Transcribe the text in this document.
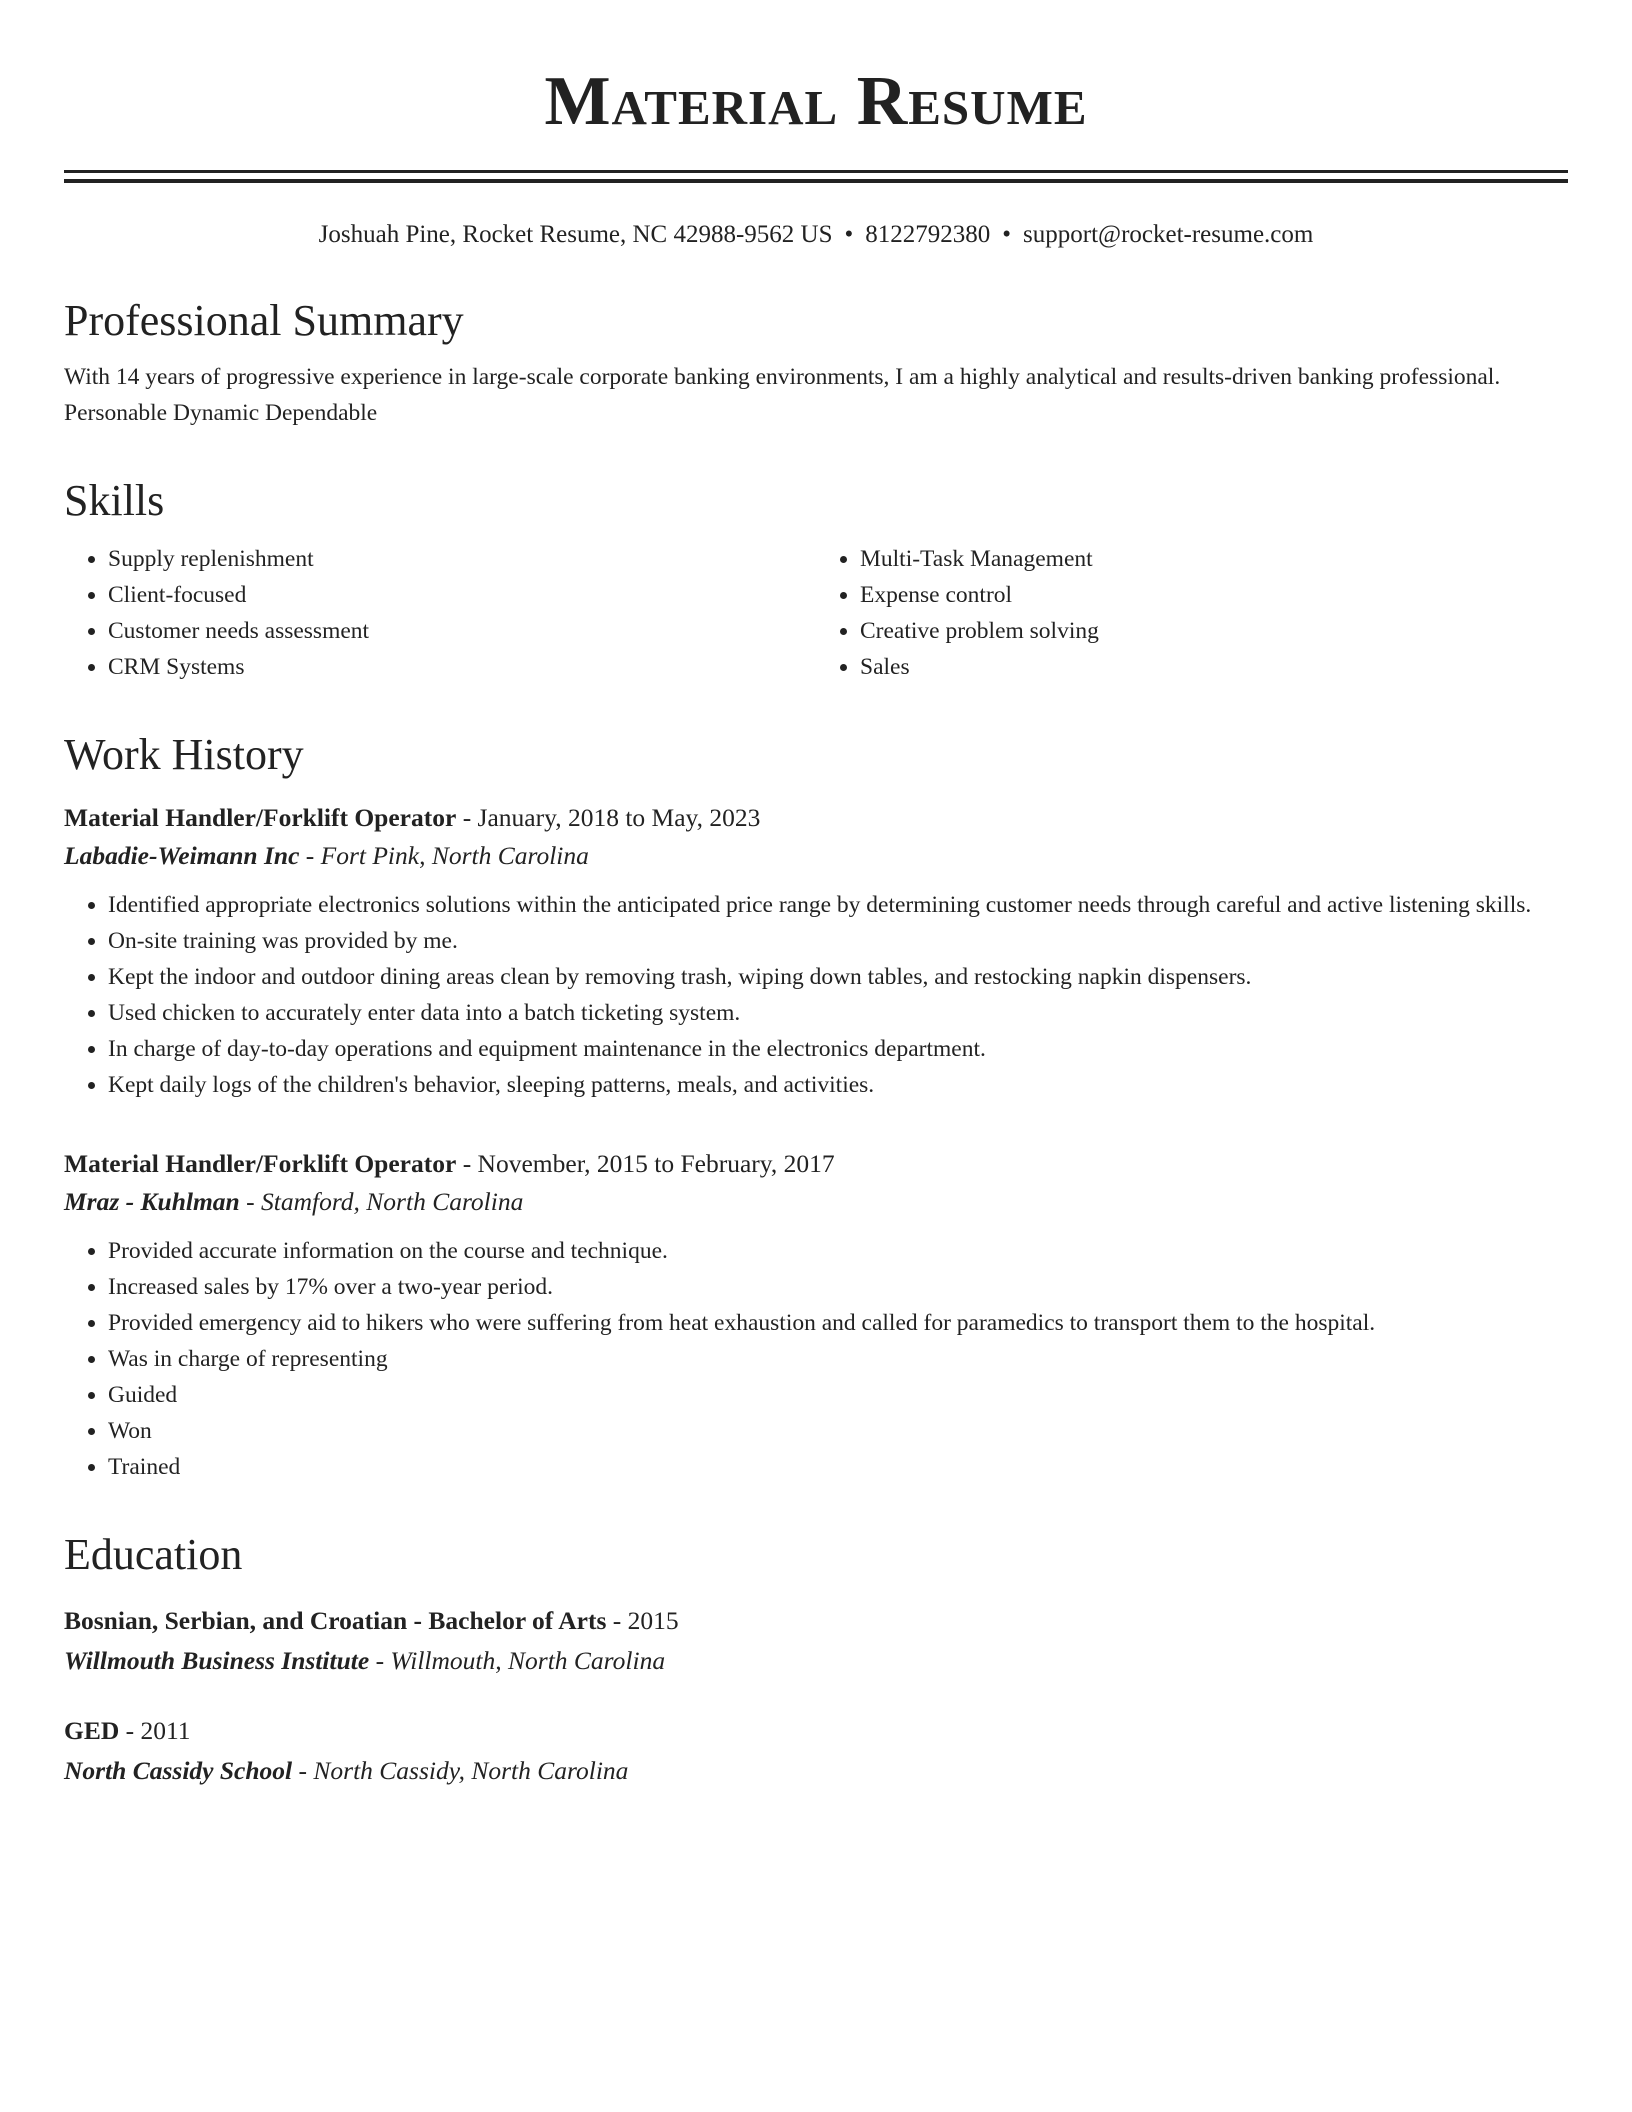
Material Resume
Joshuah Pine, Rocket Resume, NC 42988-9562 US • 8122792380 • support@rocket-resume.com
Professional Summary
With 14 years of progressive experience in large-scale corporate banking environments, I am a highly analytical and results-driven banking professional. Personable Dynamic Dependable
Skills
• Supply replenishment
• Client-focused
• Customer needs assessment
• CRM Systems
• Multi-Task Management
• Expense control
• Creative problem solving
• Sales
Work History
Material Handler/Forklift Operator - January, 2018 to May, 2023
Labadie-Weimann Inc - Fort Pink, North Carolina
• Identified appropriate electronics solutions within the anticipated price range by determining customer needs through careful and active listening skills.
• On-site training was provided by me.
• Kept the indoor and outdoor dining areas clean by removing trash, wiping down tables, and restocking napkin dispensers.
• Used chicken to accurately enter data into a batch ticketing system.
• In charge of day-to-day operations and equipment maintenance in the electronics department.
• Kept daily logs of the children's behavior, sleeping patterns, meals, and activities.
Material Handler/Forklift Operator - November, 2015 to February, 2017
Mraz - Kuhlman - Stamford, North Carolina
• Provided accurate information on the course and technique.
• Increased sales by 17% over a two-year period.
• Provided emergency aid to hikers who were suffering from heat exhaustion and called for paramedics to transport them to the hospital.
• Was in charge of representing
• Guided
• Won
• Trained
Education
Bosnian, Serbian, and Croatian - Bachelor of Arts - 2015
Willmouth Business Institute - Willmouth, North Carolina
GED - 2011
North Cassidy School - North Cassidy, North Carolina
